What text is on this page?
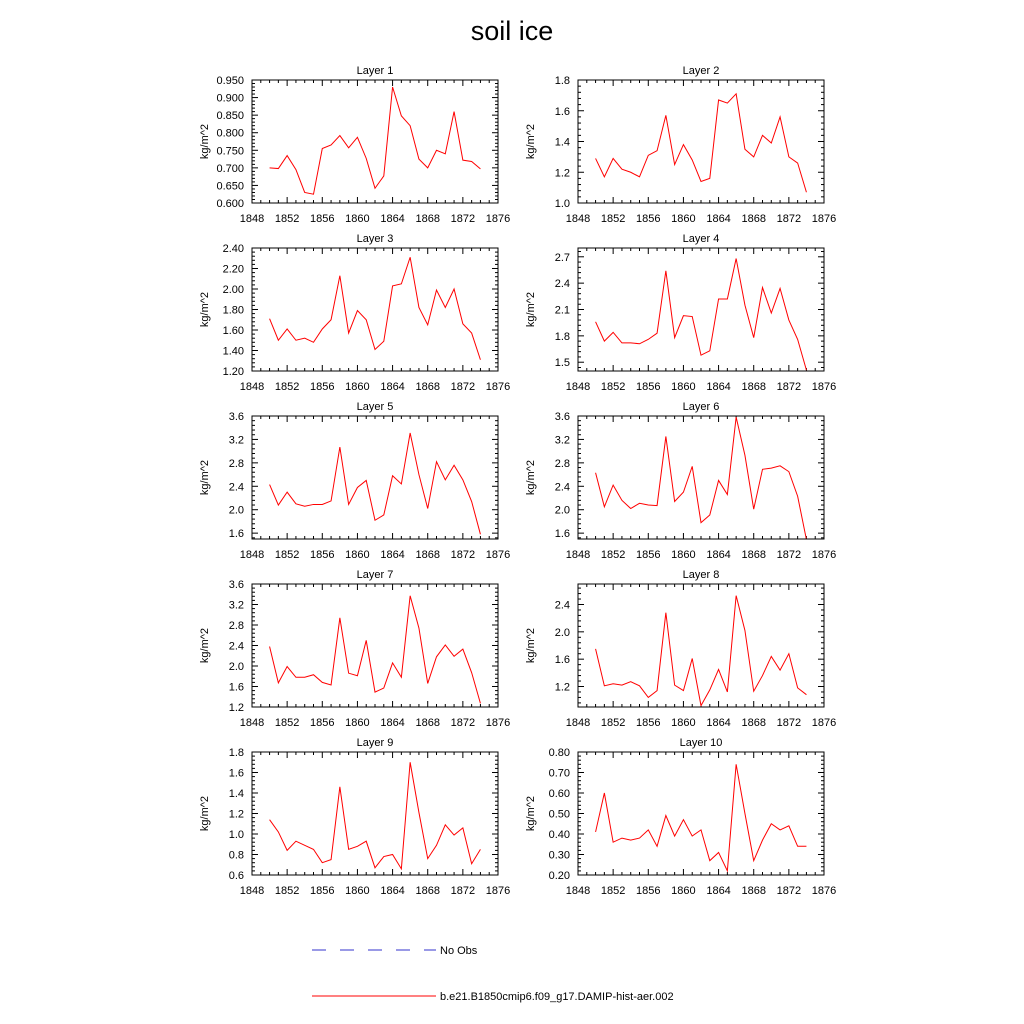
soil ice
Layer 1
kg/m^2
1848 1852 1856 1860 1864 1868 1872 1876
0.600
0.650
0.700
0.750
0.800
0.850
0.900
0.950
Layer 2
kg/m^2
1848 1852 1856 1860 1864 1868 1872 1876
1.0
1.2
1.4
1.6
1.8
Layer 3
kg/m^2
1848 1852 1856 1860 1864 1868 1872 1876
1.20
1.40
1.60
1.80
2.00
2.20
2.40
Layer 4
kg/m^2
1848 1852 1856 1860 1864 1868 1872 1876
1.5
1.8
2.1
2.4
2.7
Layer 5
kg/m^2
1848 1852 1856 1860 1864 1868 1872 1876
1.6
2.0
2.4
2.8
3.2
3.6
Layer 6
kg/m^2
1848 1852 1856 1860 1864 1868 1872 1876
1.6
2.0
2.4
2.8
3.2
3.6
Layer 7
kg/m^2
1848 1852 1856 1860 1864 1868 1872 1876
1.2
1.6
2.0
2.4
2.8
3.2
3.6
Layer 8
kg/m^2
1848 1852 1856 1860 1864 1868 1872 1876
1.2
1.6
2.0
2.4
Layer 9
kg/m^2
1848 1852 1856 1860 1864 1868 1872 1876
0.6
0.8
1.0
1.2
1.4
1.6
1.8
Layer 10
kg/m^2
1848 1852 1856 1860 1864 1868 1872 1876
0.20
0.30
0.40
0.50
0.60
0.70
0.80
No Obs
b.e21.B1850cmip6.f09_g17.DAMIP-hist-aer.002
